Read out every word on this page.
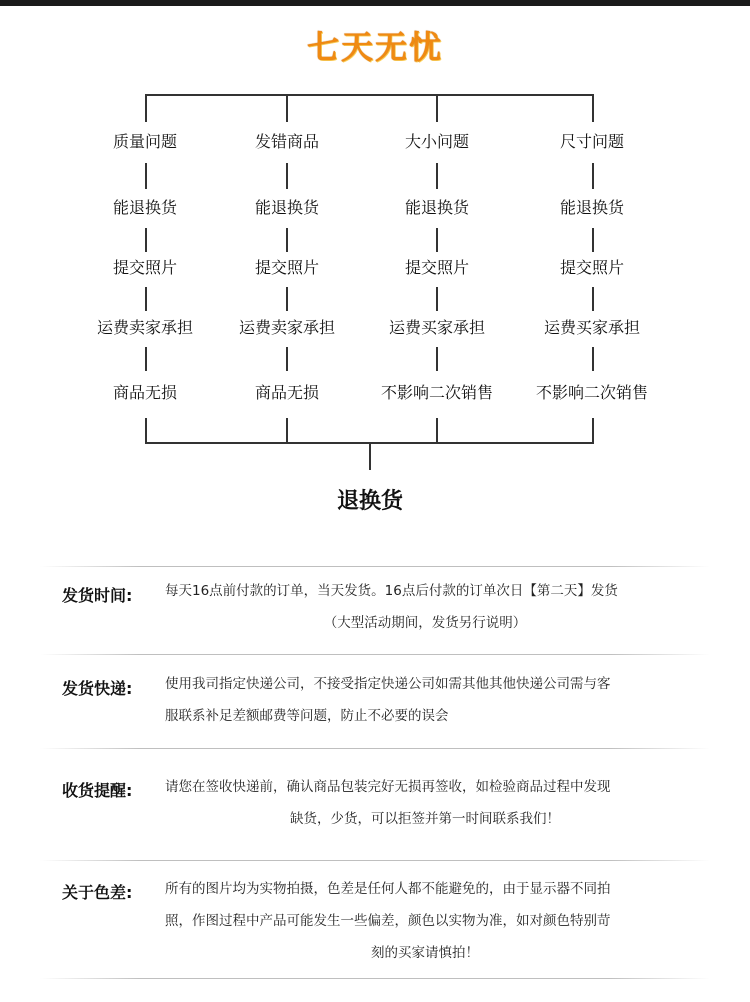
七天无忧
质量问题
能退换货
提交照片
运费卖家承担
商品无损
发错商品
能退换货
提交照片
运费卖家承担
商品无损
大小问题
能退换货
提交照片
运费买家承担
不影响二次销售
尺寸问题
能退换货
提交照片
运费买家承担
不影响二次销售
退换货
发货时间: 每天16点前付款的订单，当天发货。16点后付款的订单次日【第二天】发货
（大型活动期间，发货另行说明）
发货快递: 使用我司指定快递公司，不接受指定快递公司如需其他其他快递公司需与客
服联系补足差额邮费等问题，防止不必要的误会
收货提醒: 请您在签收快递前，确认商品包装完好无损再签收，如检验商品过程中发现
缺货，少货，可以拒签并第一时间联系我们！
关于色差: 所有的图片均为实物拍摄，色差是任何人都不能避免的，由于显示器不同拍
照，作图过程中产品可能发生一些偏差，颜色以实物为准，如对颜色特别苛
刻的买家请慎拍！
